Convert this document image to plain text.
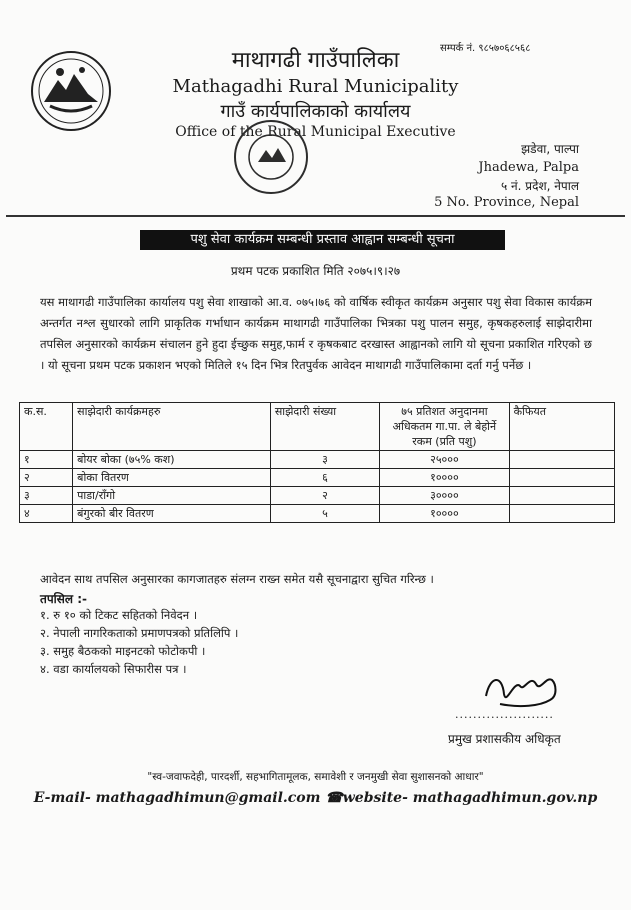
सम्पर्क नं. ९८५७०६८५६८
माथागढी गाउँपालिका
Mathagadhi Rural Municipality
गाउँ कार्यपालिकाको कार्यालय
Office of the Rural Municipal Executive
झडेवा, पाल्पा
Jhadewa, Palpa
५ नं. प्रदेश, नेपाल
5 No. Province, Nepal
पशु सेवा कार्यक्रम सम्बन्धी प्रस्ताव आह्वान सम्बन्धी सूचना
प्रथम पटक प्रकाशित मिति २०७५।९।२७
यस माथागढी गाउँपालिका कार्यालय पशु सेवा शाखाको आ.व. ०७५।७६ को वार्षिक स्वीकृत कार्यक्रम अनुसार पशु सेवा विकास कार्यक्रम अन्तर्गत नश्ल सुधारको लागि प्राकृतिक गर्भाधान कार्यक्रम माथागढी गाउँपालिका भित्रका पशु पालन समुह, कृषकहरुलाई साझेदारीमा तपसिल अनुसारको कार्यक्रम संचालन हुने हुदा ईच्छुक समुह,फार्म र कृषकबाट दरखास्त आह्वानको लागि यो सूचना प्रकाशित गरिएको छ । यो सूचना प्रथम पटक प्रकाशन भएको मितिले १५ दिन भित्र रितपुर्वक आवेदन माथागढी गाउँपालिकामा दर्ता गर्नु पर्नेछ ।
क.स.	साझेदारी कार्यक्रमहरु	साझेदारी संख्या	७५ प्रतिशत अनुदानमा अधिकतम गा.पा. ले बेहोर्ने रकम (प्रति पशु)	कैफियत
१	बोयर बोका (७५% कश)	३	२५०००	
२	बोका वितरण	६	१००००	
३	पाडा/राँगो	२	३००००	
४	बंगुरको बीर वितरण	५	१००००	
आवेदन साथ तपसिल अनुसारका कागजातहरु संलग्न राख्न समेत यसै सूचनाद्वारा सुचित गरिन्छ ।
तपसिल :-
१. रु १० को टिकट सहितको निवेदन ।
२. नेपाली नागरिकताको प्रमाणपत्रको प्रतिलिपि ।
३. समुह बैठकको माइनटको फोटोकपी ।
४. वडा कार्यालयको सिफारीस पत्र ।
......................
प्रमुख प्रशासकीय अधिकृत
"स्व-जवाफदेही, पारदर्शी, सहभागितामूलक, समावेशी र जनमुखी सेवा सुशासनको आधार"
E-mail- mathagadhimun@gmail.com ☎website- mathagadhimun.gov.np
